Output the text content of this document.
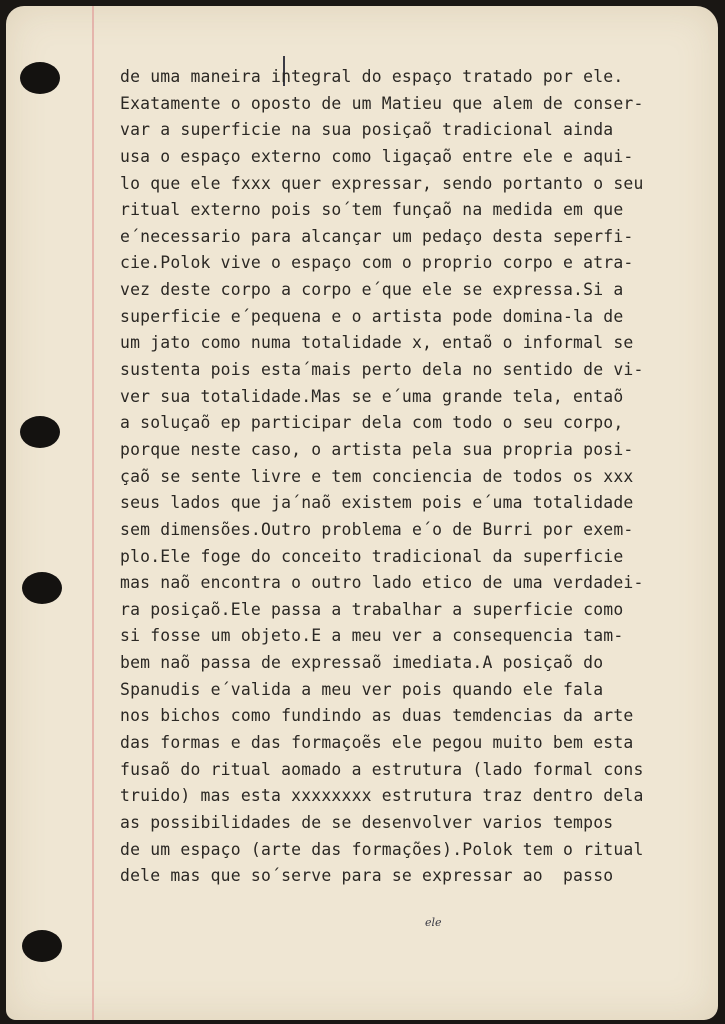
de uma maneira integral do espaço tratado por ele.
Exatamente o oposto de um Matieu que alem de conser-
var a superficie na sua posiçaõ tradicional ainda
usa o espaço externo como ligaçaõ entre ele e aqui-
lo que ele fxxx quer expressar, sendo portanto o seu
ritual externo pois so´tem funçaõ na medida em que
e´necessario para alcançar um pedaço desta seperfi-
cie.Polok vive o espaço com o proprio corpo e atra-
vez deste corpo a corpo e´que ele se expressa.Si a
superficie e´pequena e o artista pode domina-la de
um jato como numa totalidade x, entaõ o informal se
sustenta pois esta´mais perto dela no sentido de vi-
ver sua totalidade.Mas se e´uma grande tela, entaõ
a soluçaõ ep participar dela com todo o seu corpo,
porque neste caso, o artista pela sua propria posi-
çaõ se sente livre e tem conciencia de todos os xxx
seus lados que ja´naõ existem pois e´uma totalidade
sem dimensões.Outro problema e´o de Burri por exem-
plo.Ele foge do conceito tradicional da superficie
mas naõ encontra o outro lado etico de uma verdadei-
ra posiçaõ.Ele passa a trabalhar a superficie como
si fosse um objeto.E a meu ver a consequencia tam-
bem naõ passa de expressaõ imediata.A posiçaõ do
Spanudis e´valida a meu ver pois quando ele fala
nos bichos como fundindo as duas temdencias da arte
das formas e das formaçoẽs ele pegou muito bem esta
fusaõ do ritual aomado a estrutura (lado formal cons
truido) mas esta xxxxxxxx estrutura traz dentro dela
as possibilidades de se desenvolver varios tempos
de um espaço (arte das formações).Polok tem o ritual
dele mas que so´serve para se expressar ao  passo
ele
